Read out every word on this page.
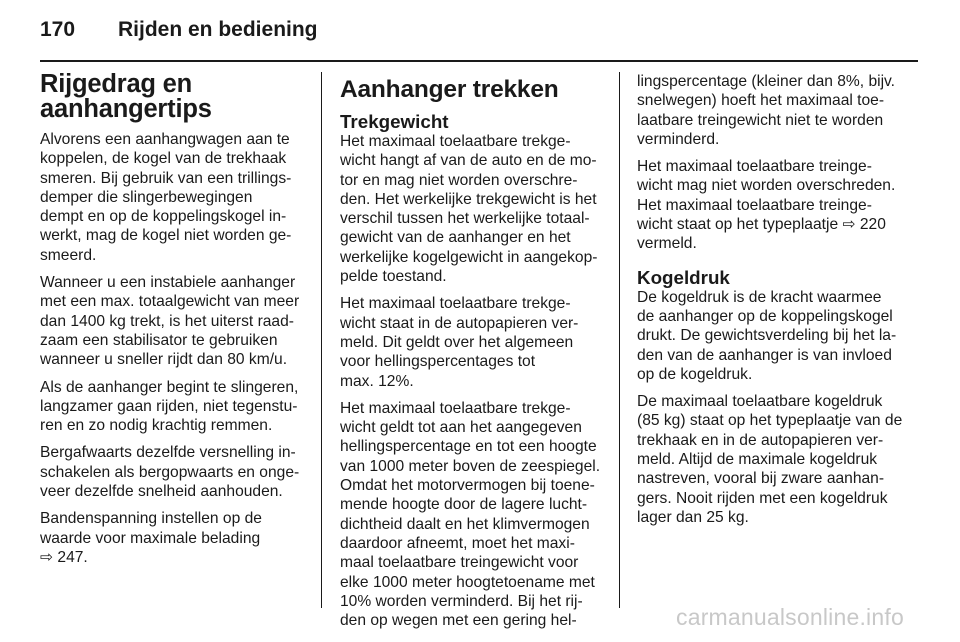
170 Rijden en bediening
Rijgedrag en
aanhangertips

Alvorens een aanhangwagen aan te
koppelen, de kogel van de trekhaak
smeren. Bij gebruik van een trillings-
demper die slingerbewegingen
dempt en op de koppelingskogel in-
werkt, mag de kogel niet worden ge-
smeerd.

Wanneer u een instabiele aanhanger
met een max. totaalgewicht van meer
dan 1400 kg trekt, is het uiterst raad-
zaam een stabilisator te gebruiken
wanneer u sneller rijdt dan 80 km/u.

Als de aanhanger begint te slingeren,
langzamer gaan rijden, niet tegenstu-
ren en zo nodig krachtig remmen.

Bergafwaarts dezelfde versnelling in-
schakelen als bergopwaarts en onge-
veer dezelfde snelheid aanhouden.

Bandenspanning instellen op de
waarde voor maximale belading
⇨ 247.

Aanhanger trekken
Trekgewicht

Het maximaal toelaatbare trekge-
wicht hangt af van de auto en de mo-
tor en mag niet worden overschre-
den. Het werkelijke trekgewicht is het
verschil tussen het werkelijke totaal-
gewicht van de aanhanger en het
werkelijke kogelgewicht in aangekop-
pelde toestand.

Het maximaal toelaatbare trekge-
wicht staat in de autopapieren ver-
meld. Dit geldt over het algemeen
voor hellingspercentages tot
max. 12%.

Het maximaal toelaatbare trekge-
wicht geldt tot aan het aangegeven
hellingspercentage en tot een hoogte
van 1000 meter boven de zeespiegel.
Omdat het motorvermogen bij toene-
mende hoogte door de lagere lucht-
dichtheid daalt en het klimvermogen
daardoor afneemt, moet het maxi-
maal toelaatbare treingewicht voor
elke 1000 meter hoogtetoename met
10% worden verminderd. Bij het rij-
den op wegen met een gering hel-

lingspercentage (kleiner dan 8%, bijv.
snelwegen) hoeft het maximaal toe-
laatbare treingewicht niet te worden
verminderd.

Het maximaal toelaatbare treinge-
wicht mag niet worden overschreden.
Het maximaal toelaatbare treinge-
wicht staat op het typeplaatje ⇨ 220
vermeld.

Kogeldruk

De kogeldruk is de kracht waarmee
de aanhanger op de koppelingskogel
drukt. De gewichtsverdeling bij het la-
den van de aanhanger is van invloed
op de kogeldruk.

De maximaal toelaatbare kogeldruk
(85 kg) staat op het typeplaatje van de
trekhaak en in de autopapieren ver-
meld. Altijd de maximale kogeldruk
nastreven, vooral bij zware aanhan-
gers. Nooit rijden met een kogeldruk
lager dan 25 kg.

carmanualsonline.info
